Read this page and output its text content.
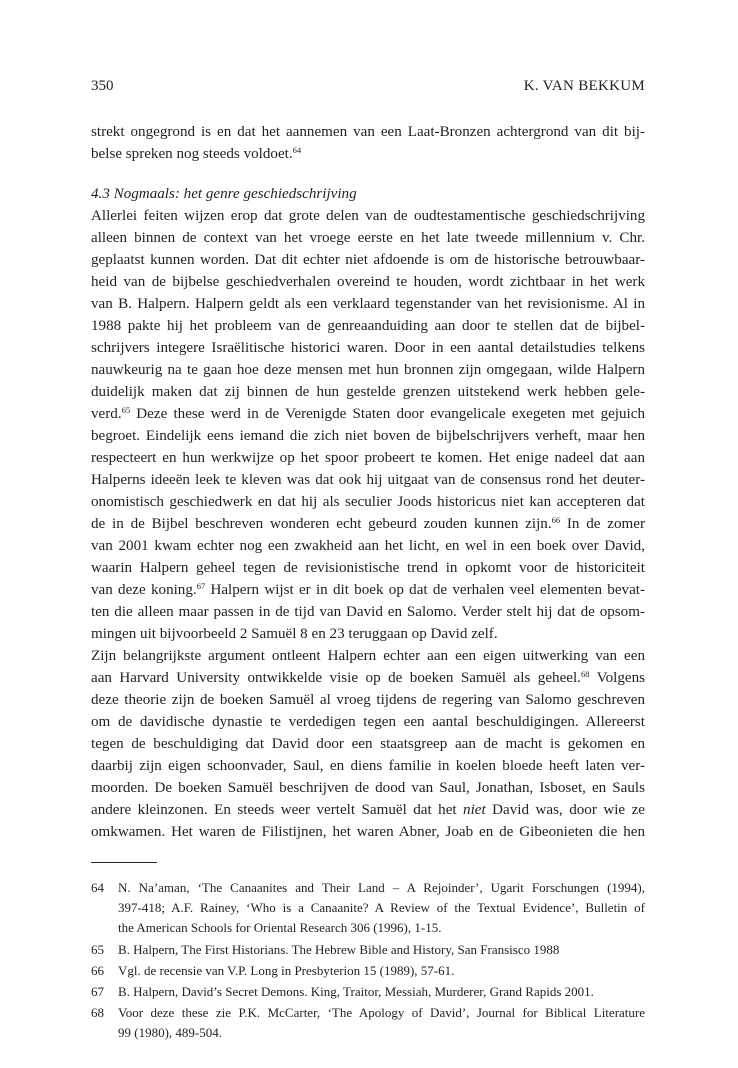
350	K. VAN BEKKUM
strekt ongegrond is en dat het aannemen van een Laat-Bronzen achtergrond van dit bij-
belse spreken nog steeds voldoet.$^{64}$
4.3 Nogmaals: het genre geschiedschrijving
Allerlei feiten wijzen erop dat grote delen van de oudtestamentische geschiedschrijving
alleen binnen de context van het vroege eerste en het late tweede millennium v. Chr.
geplaatst kunnen worden. Dat dit echter niet afdoende is om de historische betrouwbaar-
heid van de bijbelse geschiedverhalen overeind te houden, wordt zichtbaar in het werk
van B. Halpern. Halpern geldt als een verklaard tegenstander van het revisionisme. Al in
1988 pakte hij het probleem van de genreaanduiding aan door te stellen dat de bijbel-
schrijvers integere Israëlitische historici waren. Door in een aantal detailstudies telkens
nauwkeurig na te gaan hoe deze mensen met hun bronnen zijn omgegaan, wilde Halpern
duidelijk maken dat zij binnen de hun gestelde grenzen uitstekend werk hebben gele-
verd.$^{65}$ Deze these werd in de Verenigde Staten door evangelicale exegeten met gejuich
begroet. Eindelijk eens iemand die zich niet boven de bijbelschrijvers verheft, maar hen
respecteert en hun werkwijze op het spoor probeert te komen. Het enige nadeel dat aan
Halperns ideeën leek te kleven was dat ook hij uitgaat van de consensus rond het deuter-
onomistisch geschiedwerk en dat hij als seculier Joods historicus niet kan accepteren dat
de in de Bijbel beschreven wonderen echt gebeurd zouden kunnen zijn.$^{66}$ In de zomer
van 2001 kwam echter nog een zwakheid aan het licht, en wel in een boek over David,
waarin Halpern geheel tegen de revisionistische trend in opkomt voor de historiciteit
van deze koning.$^{67}$ Halpern wijst er in dit boek op dat de verhalen veel elementen bevat-
ten die alleen maar passen in de tijd van David en Salomo. Verder stelt hij dat de opsom-
mingen uit bijvoorbeeld 2 Samuël 8 en 23 teruggaan op David zelf.
Zijn belangrijkste argument ontleent Halpern echter aan een eigen uitwerking van een
aan Harvard University ontwikkelde visie op de boeken Samuël als geheel.$^{68}$ Volgens
deze theorie zijn de boeken Samuël al vroeg tijdens de regering van Salomo geschreven
om de davidische dynastie te verdedigen tegen een aantal beschuldigingen. Allereerst
tegen de beschuldiging dat David door een staatsgreep aan de macht is gekomen en
daarbij zijn eigen schoonvader, Saul, en diens familie in koelen bloede heeft laten ver-
moorden. De boeken Samuël beschrijven de dood van Saul, Jonathan, Isboset, en Sauls
andere kleinzonen. En steeds weer vertelt Samuël dat het niet David was, door wie ze
omkwamen. Het waren de Filistijnen, het waren Abner, Joab en de Gibeonieten die hen
64	N. Na’aman, ‘The Canaanites and Their Land – A Rejoinder’, Ugarit Forschungen (1994),
397-418; A.F. Rainey, ‘Who is a Canaanite? A Review of the Textual Evidence’, Bulletin of
the American Schools for Oriental Research 306 (1996), 1-15.
65	B. Halpern, The First Historians. The Hebrew Bible and History, San Fransisco 1988
66	Vgl. de recensie van V.P. Long in Presbyterion 15 (1989), 57-61.
67	B. Halpern, David’s Secret Demons. King, Traitor, Messiah, Murderer, Grand Rapids 2001.
68	Voor deze these zie P.K. McCarter, ‘The Apology of David’, Journal for Biblical Literature
99 (1980), 489-504.
